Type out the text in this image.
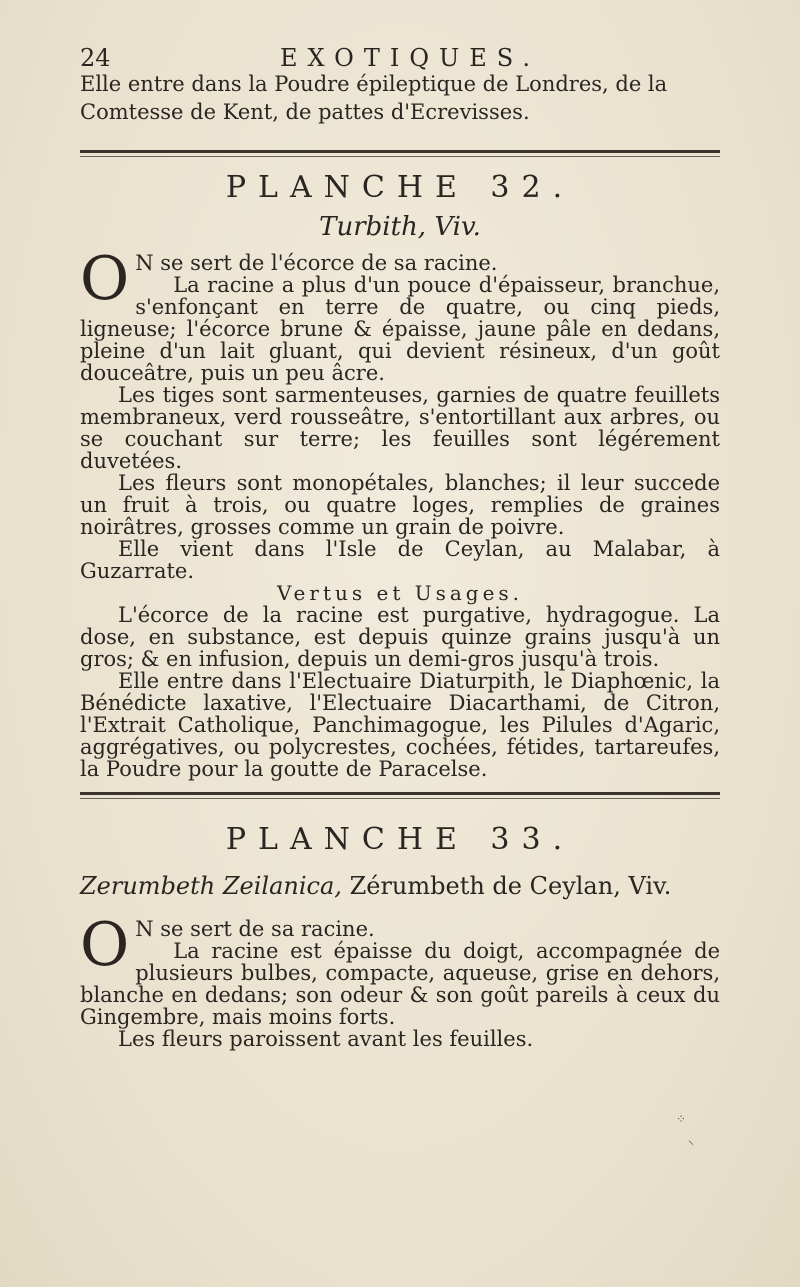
24	EXOTIQUES.
Elle entre dans la Poudre épileptique de Londres, de la Comtesse de Kent, de pattes d'Ecrevisses.
PLANCHE 32.
Turbith, Viv.

O N se sert de l'écorce de sa racine.

La racine a plus d'un pouce d'épaisseur, branchue, s'enfonçant en terre de quatre, ou cinq pieds, ligneuse; l'écorce brune & épaisse, jaune pâle en dedans, pleine d'un lait gluant, qui devient résineux, d'un goût douceâtre, puis un peu âcre.

Les tiges sont sarmenteuses, garnies de quatre feuillets membraneux, verd rousseâtre, s'entortillant aux arbres, ou se couchant sur terre; les feuilles sont légérement duvetées.

Les fleurs sont monopétales, blanches; il leur succede un fruit à trois, ou quatre loges, remplies de graines noirâtres, grosses comme un grain de poivre.

Elle vient dans l'Isle de Ceylan, au Malabar, à Guzarrate.

Vertus et Usages.

L'écorce de la racine est purgative, hydragogue. La dose, en substance, est depuis quinze grains jusqu'à un gros; & en infusion, depuis un demi-gros jusqu'à trois.

Elle entre dans l'Electuaire Diaturpith, le Diaphœnic, la Bénédicte laxative, l'Electuaire Diacarthami, de Citron, l'Extrait Catholique, Panchimagogue, les Pilules d'Agaric, aggrégatives, ou polycrestes, cochées, fétides, tartareufes, la Poudre pour la goutte de Paracelse.

PLANCHE 33.
Zerumbeth Zeilanica, Zérumbeth de Ceylan, Viv.

O N se sert de sa racine.

La racine est épaisse du doigt, accompagnée de plusieurs bulbes, compacte, aqueuse, grise en dehors, blanche en dedans; son odeur & son goût pareils à ceux du Gingembre, mais moins forts.

Les fleurs paroissent avant les feuilles.

⁘
⸌
